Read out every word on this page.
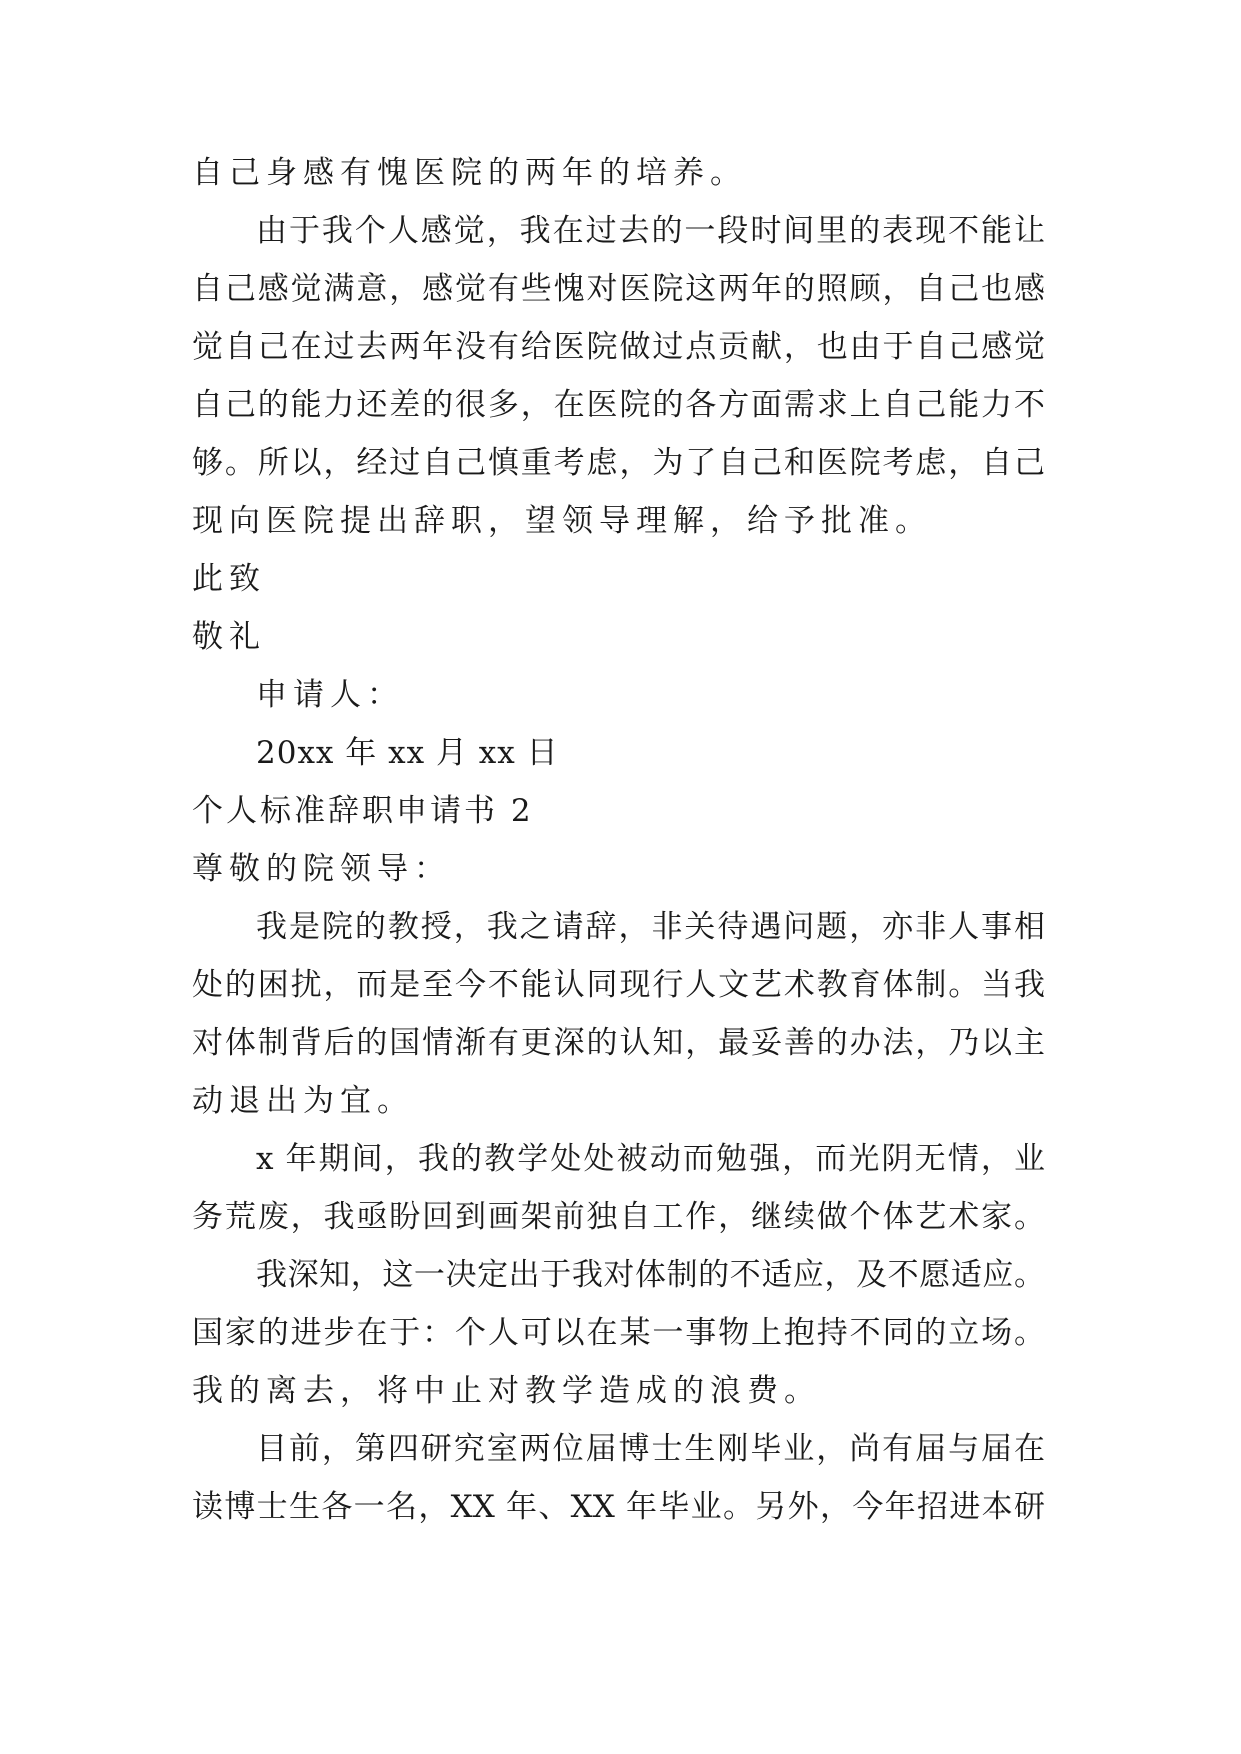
自己身感有愧医院的两年的培养。
由于我个人感觉，我在过去的一段时间里的表现不能让
自己感觉满意，感觉有些愧对医院这两年的照顾，自己也感
觉自己在过去两年没有给医院做过点贡献，也由于自己感觉
自己的能力还差的很多，在医院的各方面需求上自己能力不
够。所以，经过自己慎重考虑，为了自己和医院考虑，自己
现向医院提出辞职，望领导理解，给予批准。
此致
敬礼
申请人：
20xx 年 xx 月 xx 日
个人标准辞职申请书 2
尊敬的院领导：
我是院的教授，我之请辞，非关待遇问题，亦非人事相
处的困扰，而是至今不能认同现行人文艺术教育体制。当我
对体制背后的国情渐有更深的认知，最妥善的办法，乃以主
动退出为宜。
x 年期间，我的教学处处被动而勉强，而光阴无情，业
务荒废，我亟盼回到画架前独自工作，继续做个体艺术家。
我深知，这一决定出于我对体制的不适应，及不愿适应。
国家的进步在于：个人可以在某一事物上抱持不同的立场。
我的离去，将中止对教学造成的浪费。
目前，第四研究室两位届博士生刚毕业，尚有届与届在
读博士生各一名，XX 年、XX 年毕业。另外，今年招进本研
